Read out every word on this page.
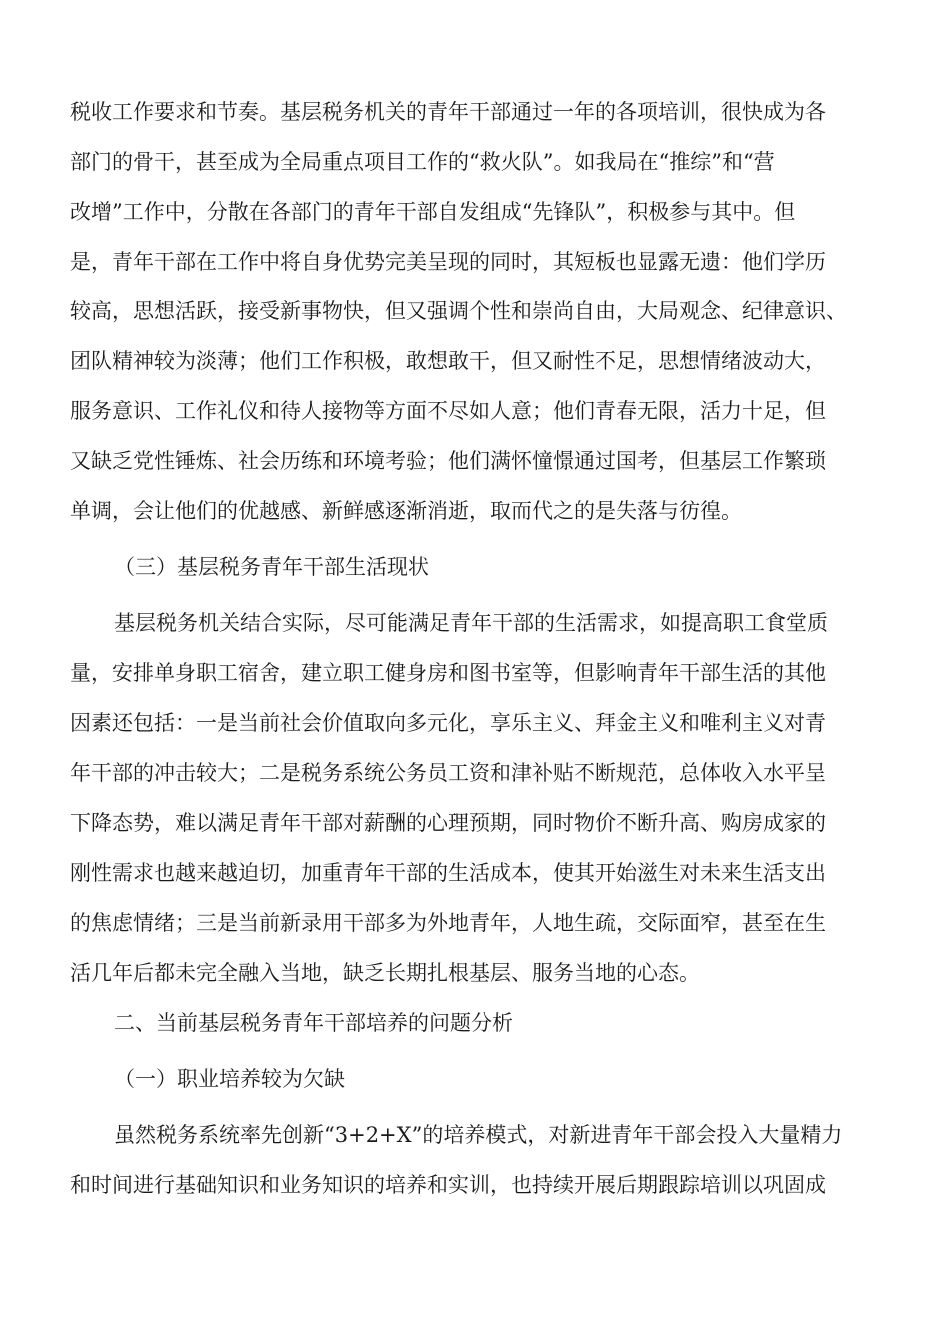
税收工作要求和节奏。基层税务机关的青年干部通过一年的各项培训，很快成为各
部门的骨干，甚至成为全局重点项目工作的“救火队”。如我局在“推综”和“营
改增”工作中，分散在各部门的青年干部自发组成“先锋队”，积极参与其中。但
是，青年干部在工作中将自身优势完美呈现的同时，其短板也显露无遗：他们学历
较高，思想活跃，接受新事物快，但又强调个性和崇尚自由，大局观念、纪律意识、
团队精神较为淡薄；他们工作积极，敢想敢干，但又耐性不足，思想情绪波动大，
服务意识、工作礼仪和待人接物等方面不尽如人意；他们青春无限，活力十足，但
又缺乏党性锤炼、社会历练和环境考验；他们满怀憧憬通过国考，但基层工作繁琐
单调，会让他们的优越感、新鲜感逐渐消逝，取而代之的是失落与彷徨。
（三）基层税务青年干部生活现状
基层税务机关结合实际，尽可能满足青年干部的生活需求，如提高职工食堂质
量，安排单身职工宿舍，建立职工健身房和图书室等，但影响青年干部生活的其他
因素还包括：一是当前社会价值取向多元化，享乐主义、拜金主义和唯利主义对青
年干部的冲击较大；二是税务系统公务员工资和津补贴不断规范，总体收入水平呈
下降态势，难以满足青年干部对薪酬的心理预期，同时物价不断升高、购房成家的
刚性需求也越来越迫切，加重青年干部的生活成本，使其开始滋生对未来生活支出
的焦虑情绪；三是当前新录用干部多为外地青年，人地生疏，交际面窄，甚至在生
活几年后都未完全融入当地，缺乏长期扎根基层、服务当地的心态。
二、当前基层税务青年干部培养的问题分析
（一）职业培养较为欠缺
虽然税务系统率先创新“3+2+X”的培养模式，对新进青年干部会投入大量精力
和时间进行基础知识和业务知识的培养和实训，也持续开展后期跟踪培训以巩固成
